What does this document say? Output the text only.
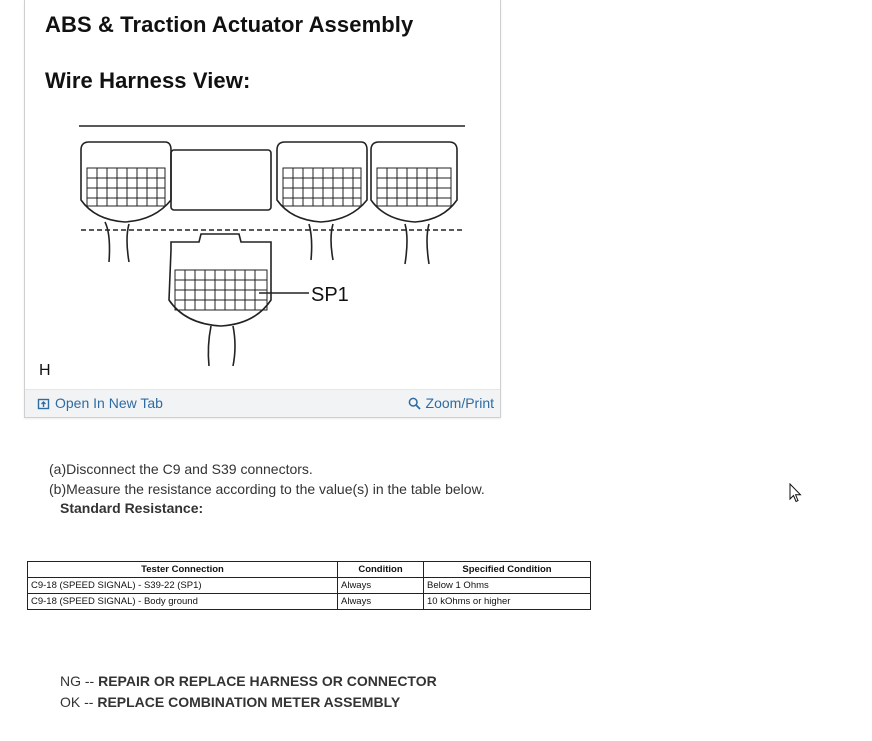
ABS & Traction Actuator Assembly
Wire Harness View:
SP1
H
Open In New Tab	Zoom/Print
(a)Disconnect the C9 and S39 connectors.
(b)Measure the resistance according to the value(s) in the table below.
Standard Resistance:
Tester Connection	Condition	Specified Condition
C9-18 (SPEED SIGNAL) - S39-22 (SP1)	Always	Below 1 Ohms
C9-18 (SPEED SIGNAL) - Body ground	Always	10 kOhms or higher
NG -- REPAIR OR REPLACE HARNESS OR CONNECTOR
OK -- REPLACE COMBINATION METER ASSEMBLY
